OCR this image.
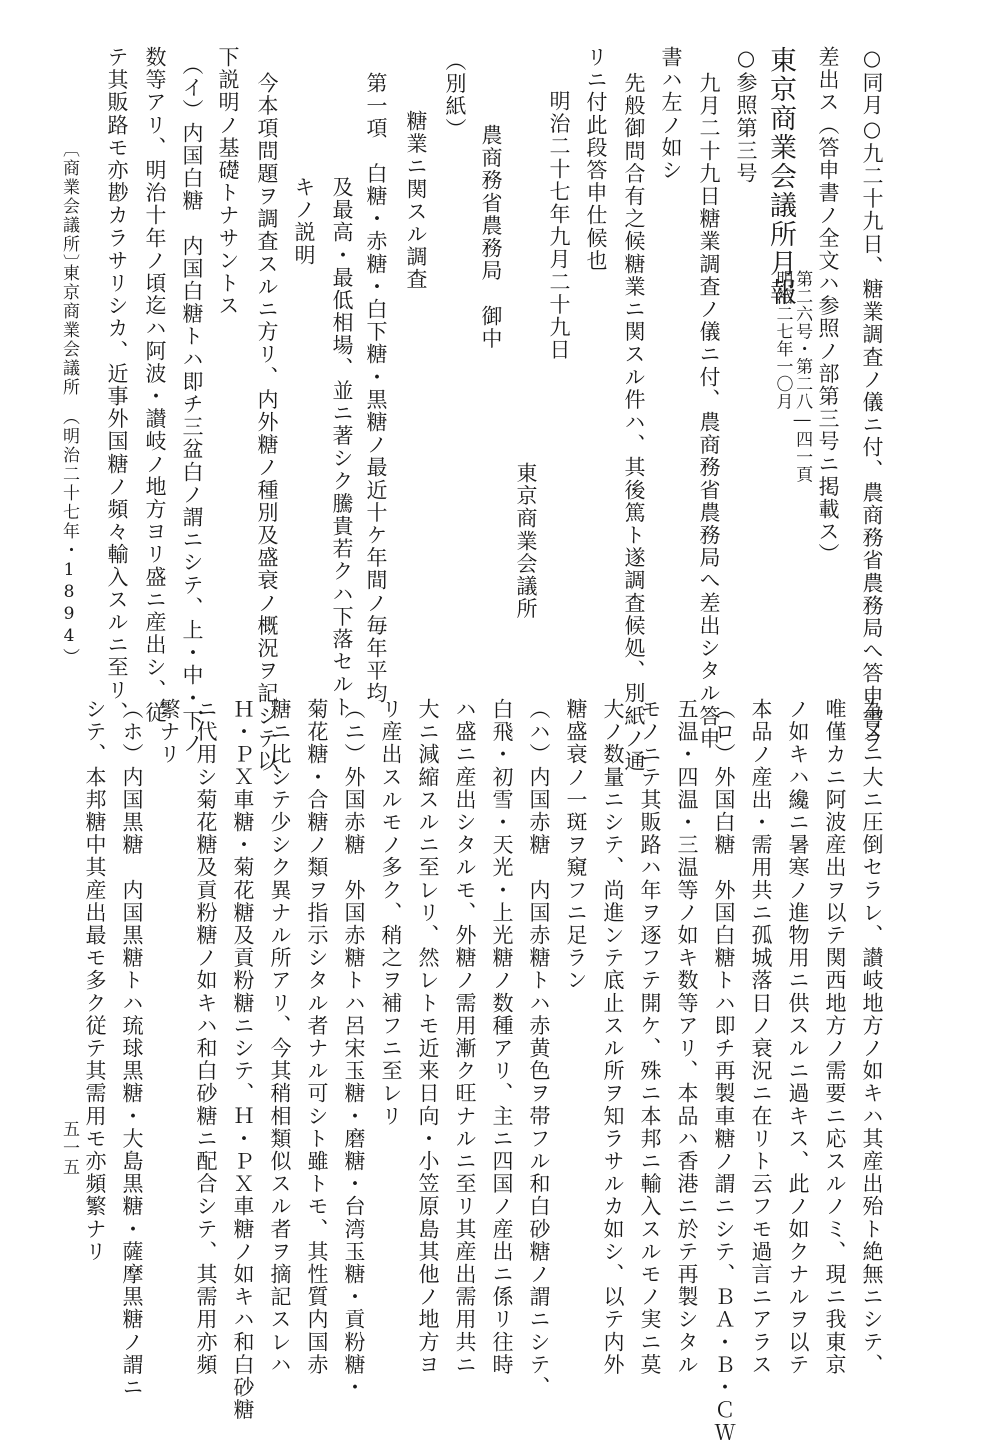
○同月○九二十九日、糖業調査ノ儀ニ付、農商務省農務局へ答申書ヲ
差出ス（答申書ノ全文ハ参照ノ部第三号ニ掲載ス）
東京商業会議所月報
第二六号・第二八―四一頁
明治二七年一〇月
○参照第三号
九月二十九日糖業調査ノ儀ニ付、農商務省農務局へ差出シタル答申
書ハ左ノ如シ
先般御問合有之候糖業ニ関スル件ハ、其後篤ト遂調査候処、別紙ノ通
リニ付此段答申仕候也
明治二十七年九月二十九日
東京商業会議所
農商務省農務局　御中
（別紙）
糖業ニ関スル調査
第一項　白糖・赤糖・白下糖・黒糖ノ最近十ケ年間ノ毎年平均
及最高・最低相場、並ニ著シク騰貴若クハ下落セルト
キノ説明
今本項問題ヲ調査スルニ方リ、内外糖ノ種別及盛衰ノ概況ヲ記シテ以
下説明ノ基礎トナサントス
（イ）内国白糖　内国白糖トハ即チ三盆白ノ謂ニシテ、上・中・下ノ
数等アリ、明治十年ノ頃迄ハ阿波・讃岐ノ地方ヨリ盛ニ産出シ、従
テ其販路モ亦尠カラサリシカ、近事外国糖ノ頻々輸入スルニ至リ、
〔商業会議所〕
東京商業会議所
（明治二十七年・1894）
五一五	為メニ大ニ圧倒セラレ、讃岐地方ノ如キハ其産出殆ト絶無ニシテ、
唯僅カニ阿波産出ヲ以テ関西地方ノ需要ニ応スルノミ、現ニ我東京
ノ如キハ纔ニ暑寒ノ進物用ニ供スルニ過キス、此ノ如クナルヲ以テ
本品ノ産出・需用共ニ孤城落日ノ衰況ニ在リト云フモ過言ニアラス
（ロ）外国白糖　外国白糖トハ即チ再製車糖ノ謂ニシテ、ＢＡ・Ｂ・ＣＷ
五温・四温・三温等ノ如キ数等アリ、本品ハ香港ニ於テ再製シタル
モノニテ其販路ハ年ヲ逐フテ開ケ、殊ニ本邦ニ輸入スルモノ実ニ莫
大ノ数量ニシテ、尚進ンテ底止スル所ヲ知ラサルカ如シ、以テ内外
糖盛衰ノ一斑ヲ窺フニ足ラン
（ハ）内国赤糖　内国赤糖トハ赤黄色ヲ帯フル和白砂糖ノ謂ニシテ、
白飛・初雪・天光・上光糖ノ数種アリ、主ニ四国ノ産出ニ係リ往時
ハ盛ニ産出シタルモ、外糖ノ需用漸ク旺ナルニ至リ其産出需用共ニ
大ニ減縮スルニ至レリ、然レトモ近来日向・小笠原島其他ノ地方ヨ
リ産出スルモノ多ク、稍之ヲ補フニ至レリ
（ニ）外国赤糖　外国赤糖トハ呂宋玉糖・磨糖・台湾玉糖・貢粉糖・
菊花糖・合糖ノ類ヲ指示シタル者ナル可シト雖トモ、其性質内国赤
糖ニ比シテ少シク異ナル所アリ、今其稍相類似スル者ヲ摘記スレハ
Ｈ・ＰＸ車糖・菊花糖及貢粉糖ニシテ、Ｈ・ＰＸ車糖ノ如キハ和白砂糖
ニ代用シ菊花糖及貢粉糖ノ如キハ和白砂糖ニ配合シテ、其需用亦頻
繁ナリ
（ホ）内国黒糖　内国黒糖トハ琉球黒糖・大島黒糖・薩摩黒糖ノ謂ニ
シテ、本邦糖中其産出最モ多ク従テ其需用モ亦頻繁ナリ
